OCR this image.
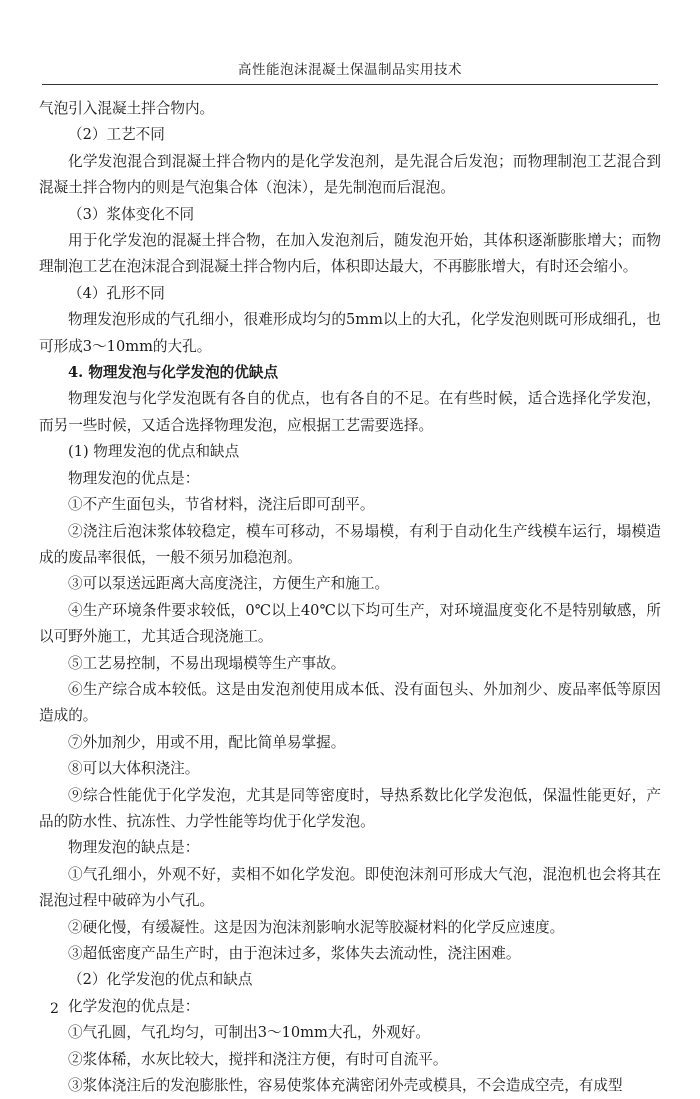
高性能泡沫混凝土保温制品实用技术

气泡引入混凝土拌合物内。

（2）工艺不同

化学发泡混合到混凝土拌合物内的是化学发泡剂，是先混合后发泡；而物理制泡工艺混合到混凝土拌合物内的则是气泡集合体（泡沫），是先制泡而后混泡。

（3）浆体变化不同

用于化学发泡的混凝土拌合物，在加入发泡剂后，随发泡开始，其体积逐渐膨胀增大；而物理制泡工艺在泡沫混合到混凝土拌合物内后，体积即达最大，不再膨胀增大，有时还会缩小。

（4）孔形不同

物理发泡形成的气孔细小，很难形成均匀的5mm以上的大孔，化学发泡则既可形成细孔，也可形成3～10mm的大孔。

4. 物理发泡与化学发泡的优缺点

物理发泡与化学发泡既有各自的优点，也有各自的不足。在有些时候，适合选择化学发泡，而另一些时候，又适合选择物理发泡，应根据工艺需要选择。

(1) 物理发泡的优点和缺点

物理发泡的优点是：

①不产生面包头，节省材料，浇注后即可刮平。

②浇注后泡沫浆体较稳定，模车可移动，不易塌模，有利于自动化生产线模车运行，塌模造成的废品率很低，一般不须另加稳泡剂。

③可以泵送远距离大高度浇注，方便生产和施工。

④生产环境条件要求较低，0℃以上40℃以下均可生产，对环境温度变化不是特别敏感，所以可野外施工，尤其适合现浇施工。

⑤工艺易控制，不易出现塌模等生产事故。

⑥生产综合成本较低。这是由发泡剂使用成本低、没有面包头、外加剂少、废品率低等原因造成的。

⑦外加剂少，用或不用，配比简单易掌握。

⑧可以大体积浇注。

⑨综合性能优于化学发泡，尤其是同等密度时，导热系数比化学发泡低，保温性能更好，产品的防水性、抗冻性、力学性能等均优于化学发泡。

物理发泡的缺点是：

①气孔细小，外观不好，卖相不如化学发泡。即使泡沫剂可形成大气泡，混泡机也会将其在混泡过程中破碎为小气孔。

②硬化慢，有缓凝性。这是因为泡沫剂影响水泥等胶凝材料的化学反应速度。

③超低密度产品生产时，由于泡沫过多，浆体失去流动性，浇注困难。

（2）化学发泡的优点和缺点

化学发泡的优点是：

①气孔圆，气孔均匀，可制出3～10mm大孔，外观好。

②浆体稀，水灰比较大，搅拌和浇注方便，有时可自流平。

③浆体浇注后的发泡膨胀性，容易使浆体充满密闭外壳或模具，不会造成空壳，有成型

2
